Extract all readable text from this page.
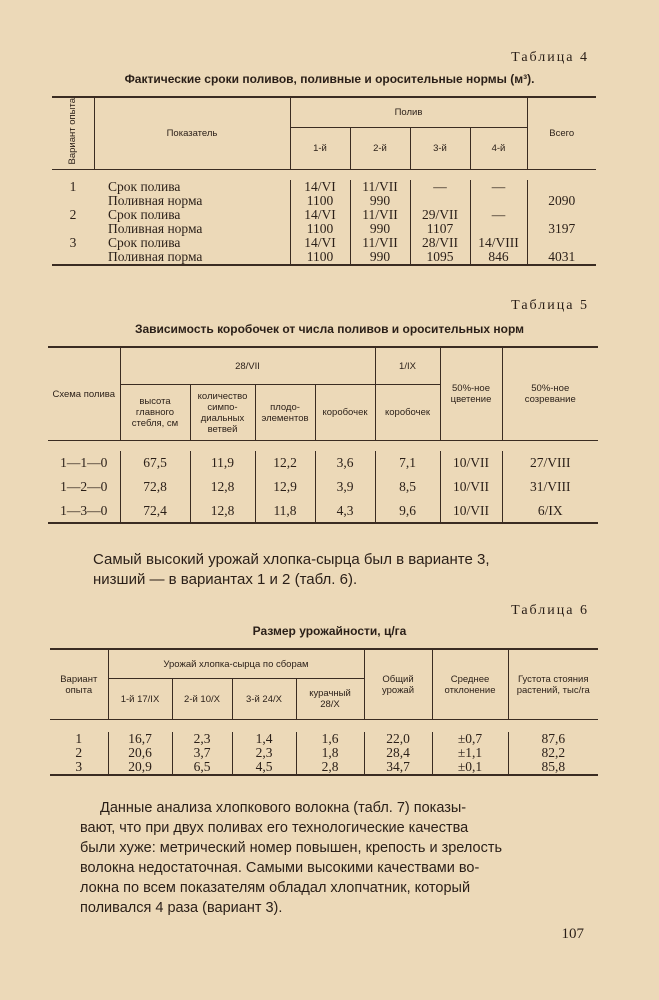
Таблица 4
Фактические сроки поливов, поливные и оросительные нормы (м³).
Вариант опыта	Показатель	Полив				Всего
		1-й	2-й	3-й	4-й	

1	Срок полива	14/VI	11/VII	—	—	
	Поливная норма	1100	990			2090
2	Срок полива	14/VI	11/VII	29/VII	—	
	Поливная норма	1100	990	1107		3197
3	Срок полива	14/VI	11/VII	28/VII	14/VIII	
	Поливная порма	1100	990	1095	846	4031
Таблица 5
Зависимость коробочек от числа поливов и оросительных норм
Схема полива	28/VII				1/IX	50%-ное цветение	50%-ное созревание
	высота главного стебля, см	количество симпо-диальных ветвей	плодо-элементов	коробочек	коробочек		

1—1—0	67,5	11,9	12,2	3,6	7,1	10/VII	27/VIII
1—2—0	72,8	12,8	12,9	3,9	8,5	10/VII	31/VIII
1—3—0	72,4	12,8	11,8	4,3	9,6	10/VII	6/IX
Самый высокий урожай хлопка-сырца был в варианте 3,
низший — в вариантах 1 и 2 (табл. 6).
Таблица 6
Размер урожайности, ц/га
Вариант опыта	Урожай хлопка-сырца по сборам				Общий урожай	Среднее отклонение	Густота стояния растений, тыс/га
	1-й 17/IX	2-й 10/X	3-й 24/X	курачный 28/X			

1	16,7	2,3	1,4	1,6	22,0	±0,7	87,6
2	20,6	3,7	2,3	1,8	28,4	±1,1	82,2
3	20,9	6,5	4,5	2,8	34,7	±0,1	85,8
Данные анализа хлопкового волокна (табл. 7) показы-
вают, что при двух поливах его технологические качества
были хуже: метрический номер повышен, крепость и зрелость
волокна недостаточная. Самыми высокими качествами во-
локна по всем показателям обладал хлопчатник, который
поливался 4 раза (вариант 3).
107
